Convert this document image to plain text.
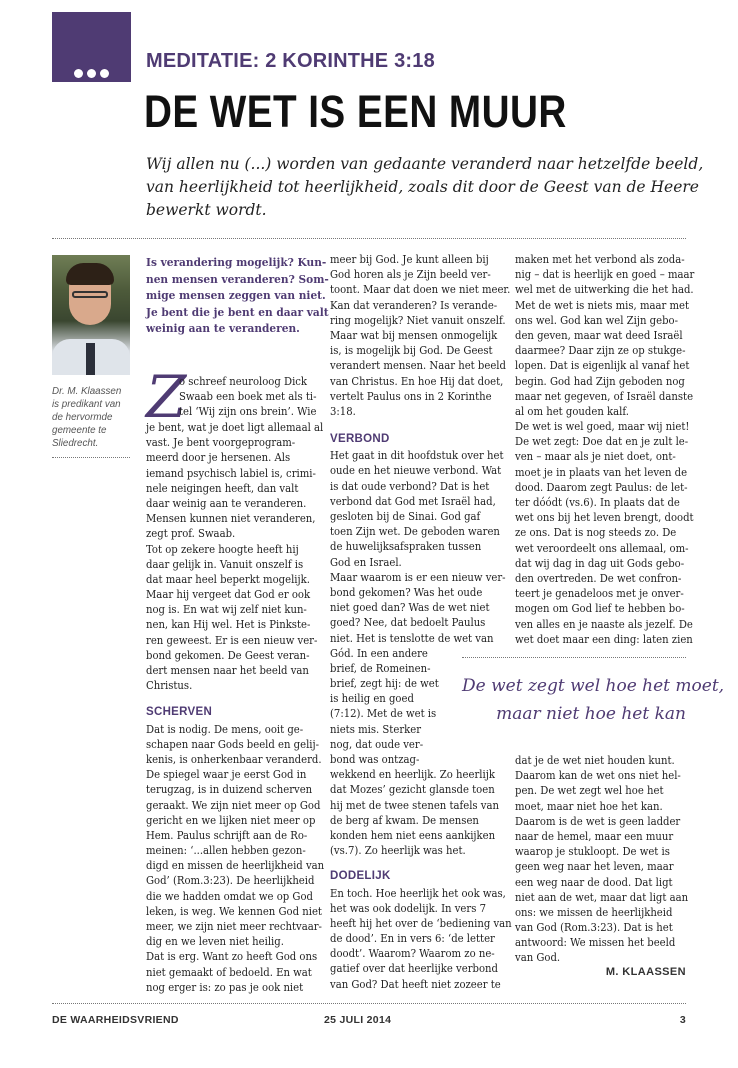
MEDITATIE: 2 KORINTHE 3:18
DE WET IS EEN MUUR
Wij allen nu (...) worden van gedaante veranderd naar hetzelfde beeld,
van heerlijkheid tot heerlijkheid, zoals dit door de Geest van de Heere
bewerkt wordt.
Dr. M. Klaassen
is predikant van
de hervormde
gemeente te
Sliedrecht.
Is verandering mogelijk? Kun-
nen mensen veranderen? Som-
mige mensen zeggen van niet.
Je bent die je bent en daar valt
weinig aan te veranderen.
Z
o schreef neuroloog Dick
Swaab een boek met als ti-
tel ‘Wij zijn ons brein’. Wie
je bent, wat je doet ligt allemaal al
vast. Je bent voorgeprogram-
meerd door je hersenen. Als
iemand psychisch labiel is, crimi-
nele neigingen heeft, dan valt
daar weinig aan te veranderen.
Mensen kunnen niet veranderen,
zegt prof. Swaab.
Tot op zekere hoogte heeft hij
daar gelijk in. Vanuit onszelf is
dat maar heel beperkt mogelijk.
Maar hij vergeet dat God er ook
nog is. En wat wij zelf niet kun-
nen, kan Hij wel. Het is Pinkste-
ren geweest. Er is een nieuw ver-
bond gekomen. De Geest veran-
dert mensen naar het beeld van
Christus.
SCHERVEN
Dat is nodig. De mens, ooit ge-
schapen naar Gods beeld en gelij-
kenis, is onherkenbaar veranderd.
De spiegel waar je eerst God in
terugzag, is in duizend scherven
geraakt. We zijn niet meer op God
gericht en we lijken niet meer op
Hem. Paulus schrijft aan de Ro-
meinen: ‘...allen hebben gezon-
digd en missen de heerlijkheid van
God’ (Rom.3:23). De heerlijkheid
die we hadden omdat we op God
leken, is weg. We kennen God niet
meer, we zijn niet meer rechtvaar-
dig en we leven niet heilig.
Dat is erg. Want zo heeft God ons
niet gemaakt of bedoeld. En wat
nog erger is: zo pas je ook niet
meer bij God. Je kunt alleen bij
God horen als je Zijn beeld ver-
toont. Maar dat doen we niet meer.
Kan dat veranderen? Is verande-
ring mogelijk? Niet vanuit onszelf.
Maar wat bij mensen onmogelijk
is, is mogelijk bij God. De Geest
verandert mensen. Naar het beeld
van Christus. En hoe Hij dat doet,
vertelt Paulus ons in 2 Korinthe
3:18.
VERBOND
Het gaat in dit hoofdstuk over het
oude en het nieuwe verbond. Wat
is dat oude verbond? Dat is het
verbond dat God met Israël had,
gesloten bij de Sinai. God gaf
toen Zijn wet. De geboden waren
de huwelijksafspraken tussen
God en Israel.
Maar waarom is er een nieuw ver-
bond gekomen? Was het oude
niet goed dan? Was de wet niet
goed? Nee, dat bedoelt Paulus
niet. Het is tenslotte de wet van
Gód. In een andere
brief, de Romeinen-
brief, zegt hij: de wet
is heilig en goed
(7:12). Met de wet is
niets mis. Sterker
nog, dat oude ver-
bond was ontzag-
wekkend en heerlijk. Zo heerlijk
dat Mozes’ gezicht glansde toen
hij met de twee stenen tafels van
de berg af kwam. De mensen
konden hem niet eens aankijken
(vs.7). Zo heerlijk was het.
DODELIJK
En toch. Hoe heerlijk het ook was,
het was ook dodelijk. In vers 7
heeft hij het over de ‘bediening van
de dood’. En in vers 6: ‘de letter
doodt’. Waarom? Waarom zo ne-
gatief over dat heerlijke verbond
van God? Dat heeft niet zozeer te
maken met het verbond als zoda-
nig – dat is heerlijk en goed – maar
wel met de uitwerking die het had.
Met de wet is niets mis, maar met
ons wel. God kan wel Zijn gebo-
den geven, maar wat deed Israël
daarmee? Daar zijn ze op stukge-
lopen. Dat is eigenlijk al vanaf het
begin. God had Zijn geboden nog
maar net gegeven, of Israël danste
al om het gouden kalf.
De wet is wel goed, maar wij niet!
De wet zegt: Doe dat en je zult le-
ven – maar als je niet doet, ont-
moet je in plaats van het leven de
dood. Daarom zegt Paulus: de let-
ter dóódt (vs.6). In plaats dat de
wet ons bij het leven brengt, doodt
ze ons. Dat is nog steeds zo. De
wet veroordeelt ons allemaal, om-
dat wij dag in dag uit Gods gebo-
den overtreden. De wet confron-
teert je genadeloos met je onver-
mogen om God lief te hebben bo-
ven alles en je naaste als jezelf. De
wet doet maar een ding: laten zien
dat je de wet niet houden kunt.
Daarom kan de wet ons niet hel-
pen. De wet zegt wel hoe het
moet, maar niet hoe het kan.
Daarom is de wet is geen ladder
naar de hemel, maar een muur
waarop je stukloopt. De wet is
geen weg naar het leven, maar
een weg naar de dood. Dat ligt
niet aan de wet, maar dat ligt aan
ons: we missen de heerlijkheid
van God (Rom.3:23). Dat is het
antwoord: We missen het beeld
van God.
De wet zegt wel hoe het moet,
maar niet hoe het kan
M. KLAASSEN
DE WAARHEIDSVRIEND	25 JULI 2014	3
